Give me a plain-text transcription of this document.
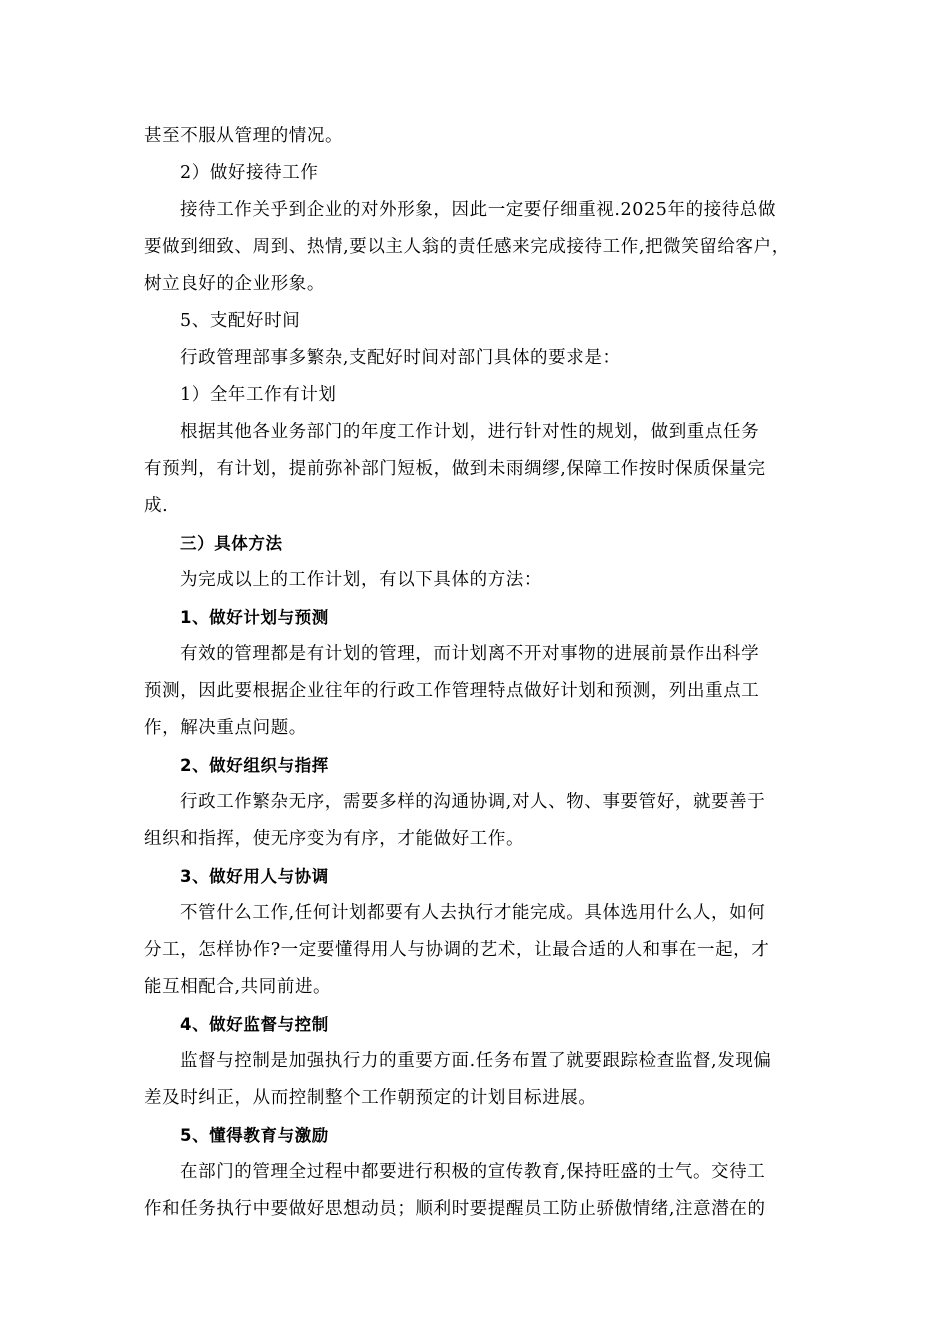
甚至不服从管理的情况。
2）做好接待工作
接待工作关乎到企业的对外形象，因此一定要仔细重视.2025年的接待总做
要做到细致、周到、热情,要以主人翁的责任感来完成接待工作,把微笑留给客户，
树立良好的企业形象。
5、支配好时间
行政管理部事多繁杂,支配好时间对部门具体的要求是：
1）全年工作有计划
根据其他各业务部门的年度工作计划，进行针对性的规划，做到重点任务
有预判，有计划，提前弥补部门短板，做到未雨绸缪,保障工作按时保质保量完
成.
三）具体方法
为完成以上的工作计划，有以下具体的方法：
1、做好计划与预测
有效的管理都是有计划的管理，而计划离不开对事物的进展前景作出科学
预测，因此要根据企业往年的行政工作管理特点做好计划和预测，列出重点工
作，解决重点问题。
2、做好组织与指挥
行政工作繁杂无序，需要多样的沟通协调,对人、物、事要管好，就要善于
组织和指挥，使无序变为有序，才能做好工作。
3、做好用人与协调
不管什么工作,任何计划都要有人去执行才能完成。具体选用什么人，如何
分工，怎样协作?一定要懂得用人与协调的艺术，让最合适的人和事在一起，才
能互相配合,共同前进。
4、做好监督与控制
监督与控制是加强执行力的重要方面.任务布置了就要跟踪检查监督,发现偏
差及时纠正，从而控制整个工作朝预定的计划目标进展。
5、懂得教育与激励
在部门的管理全过程中都要进行积极的宣传教育,保持旺盛的士气。交待工
作和任务执行中要做好思想动员；顺利时要提醒员工防止骄傲情绪,注意潜在的
